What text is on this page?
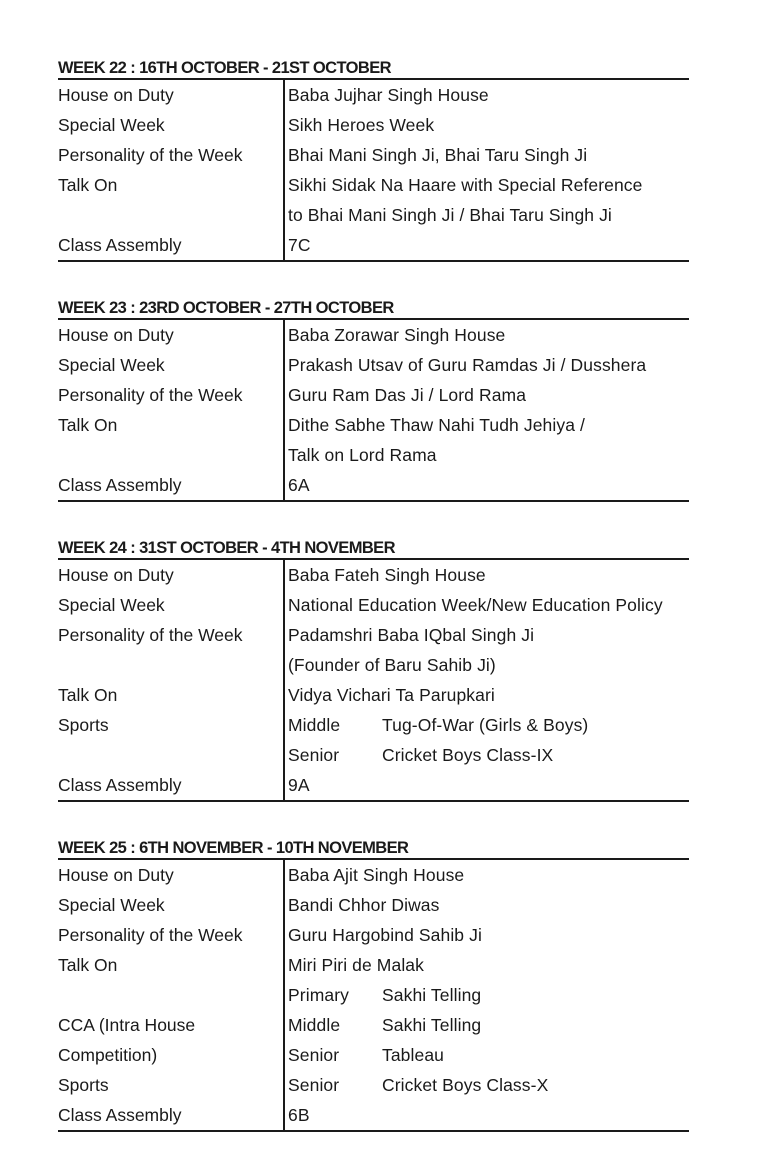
WEEK 22 : 16TH OCTOBER - 21ST OCTOBER
House on Duty	Baba Jujhar Singh House
Special Week	Sikh Heroes Week
Personality of the Week	Bhai Mani Singh Ji, Bhai Taru Singh Ji
Talk On	Sikhi Sidak Na Haare with Special Reference
to Bhai Mani Singh Ji / Bhai Taru Singh Ji
Class Assembly	7C
WEEK 23 : 23RD OCTOBER - 27TH OCTOBER
House on Duty	Baba Zorawar Singh House
Special Week	Prakash Utsav of Guru Ramdas Ji / Dusshera
Personality of the Week	Guru Ram Das Ji / Lord Rama
Talk On	Dithe Sabhe Thaw Nahi Tudh Jehiya /
Talk on Lord Rama
Class Assembly	6A
WEEK 24 : 31ST OCTOBER - 4TH NOVEMBER
House on Duty	Baba Fateh Singh House
Special Week	National Education Week/New Education Policy
Personality of the Week	Padamshri Baba IQbal Singh Ji
(Founder of Baru Sahib Ji)
Talk On	Vidya Vichari Ta Parupkari
Sports	Middle Tug-Of-War (Girls & Boys)
Senior Cricket Boys Class-IX
Class Assembly	9A
WEEK 25 : 6TH NOVEMBER - 10TH NOVEMBER
House on Duty	Baba Ajit Singh House
Special Week	Bandi Chhor Diwas
Personality of the Week	Guru Hargobind Sahib Ji
Talk On	Miri Piri de Malak
Primary Sakhi Telling
CCA (Intra House	Middle Sakhi Telling
Competition)	Senior Tableau
Sports	Senior Cricket Boys Class-X
Class Assembly	6B
